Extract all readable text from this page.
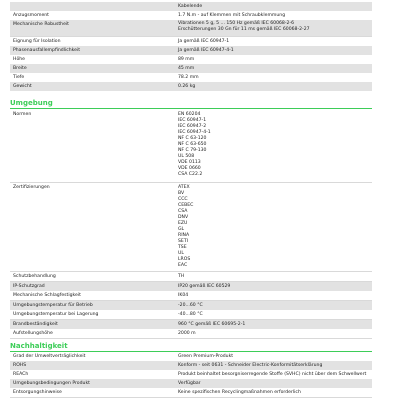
Kabelende
Anzugsmoment	1.7 N.m - auf Klemmen mit Schraubklemmung
Mechanische Robustheit	Vibrationen 5 g, 5 ... 150 Hz gemäß IEC 60068-2-6
Erschütterungen 30 Gn für 11 ms gemäß IEC 60068-2-27
Eignung für Isolation	Ja gemäß IEC 60947-1
Phasenausfallempfindlichkeit	Ja gemäß IEC 60947-4-1
Höhe	89 mm
Breite	45 mm
Tiefe	78.2 mm
Gewicht	0.26 kg
Umgebung
Normen	EN 60204
IEC 60947-1
IEC 60947-2
IEC 60947-4-1
NF C 63-120
NF C 63-650
NF C 79-130
UL 508
VDE 0113
VDE 0660
CSA C22.2
Zertifizierungen	ATEX
BV
CCC
CEBEC
CSA
DNV
EZU
GL
RINA
SETI
TSE
UL
LROS
EAC
Schutzbehandlung	TH
IP-Schutzgrad	IP20 gemäß IEC 60529
Mechanische Schlagfestigkeit	IK04
Umgebungstemperatur für Betrieb	-20...60 °C
Umgebungstemperatur bei Lagerung	-40...80 °C
Brandbeständigkeit	960 °C gemäß IEC 60695-2-1
Aufstellungshöhe	2000 m
Nachhaltigkeit
Grad der Umweltverträglichkeit	Green Premium-Produkt
ROHS	Konform - seit 0631 - Schneider Electric-Konformitätserklärung
REACh	Produkt beinhaltet besorgniserregende Stoffe (SVHC) nicht über dem Schwellwert
Umgebungsbedingungen Produkt	Verfügbar
Entsorgungshinweise	Keine spezifischen Recyclingmaßnahmen erforderlich
